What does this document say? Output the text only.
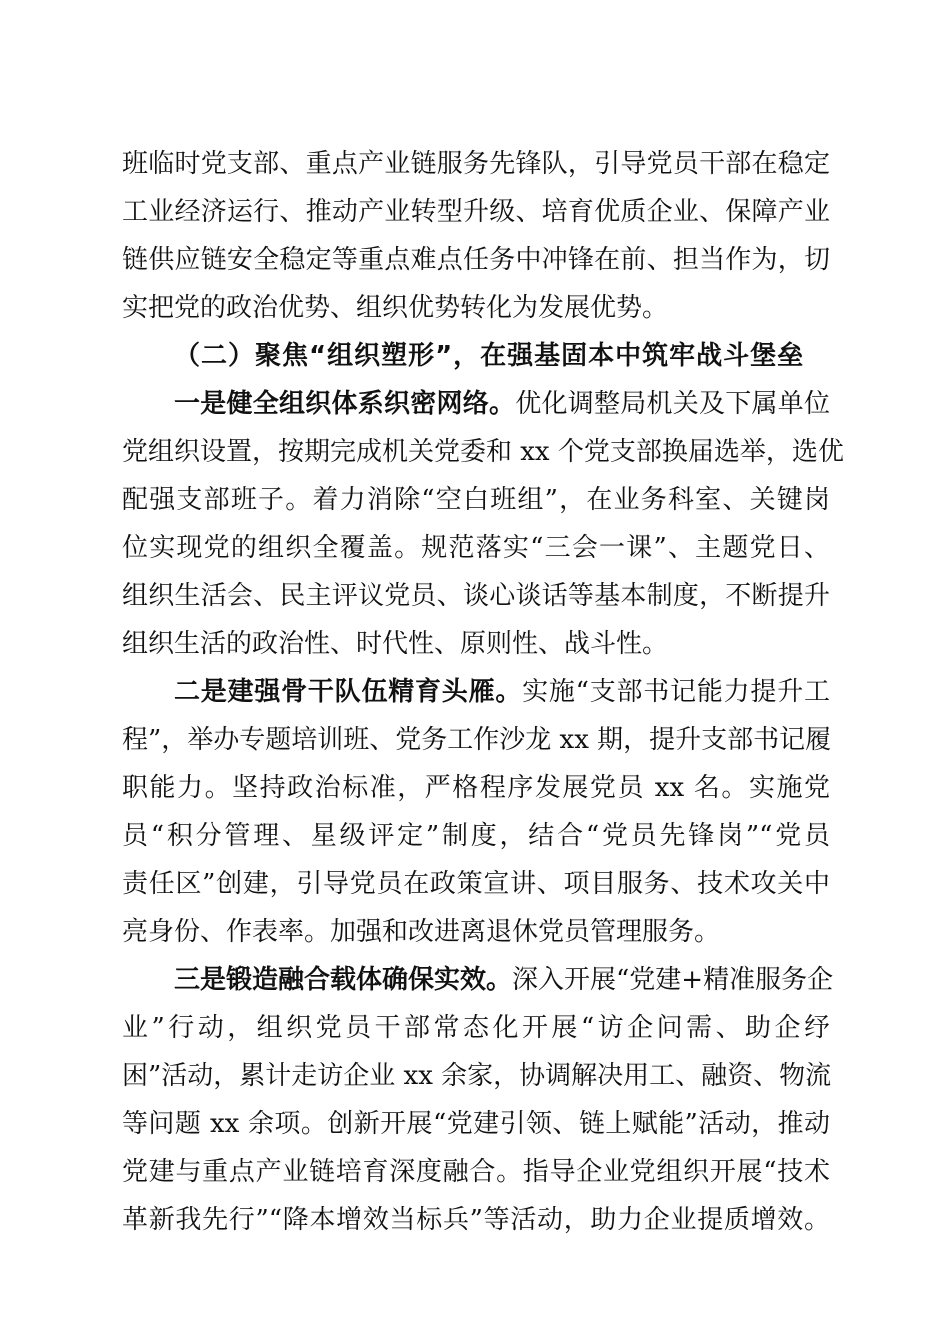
班临时党支部、重点产业链服务先锋队，引导党员干部在稳定
工业经济运行、推动产业转型升级、培育优质企业、保障产业
链供应链安全稳定等重点难点任务中冲锋在前、担当作为，切
实把党的政治优势、组织优势转化为发展优势。
（二）聚焦“组织塑形”，在强基固本中筑牢战斗堡垒
一是健全组织体系织密网络。优化调整局机关及下属单位
党组织设置，按期完成机关党委和 xx 个党支部换届选举，选优
配强支部班子。着力消除“空白班组”，在业务科室、关键岗
位实现党的组织全覆盖。规范落实“三会一课”、主题党日、
组织生活会、民主评议党员、谈心谈话等基本制度，不断提升
组织生活的政治性、时代性、原则性、战斗性。
二是建强骨干队伍精育头雁。实施“支部书记能力提升工
程”，举办专题培训班、党务工作沙龙 xx 期，提升支部书记履
职能力。坚持政治标准，严格程序发展党员 xx 名。实施党
员“积分管理、星级评定”制度，结合“党员先锋岗”“党员
责任区”创建，引导党员在政策宣讲、项目服务、技术攻关中
亮身份、作表率。加强和改进离退休党员管理服务。
三是锻造融合载体确保实效。深入开展“党建+精准服务企
业”行动，组织党员干部常态化开展“访企问需、助企纾
困”活动，累计走访企业 xx 余家，协调解决用工、融资、物流
等问题 xx 余项。创新开展“党建引领、链上赋能”活动，推动
党建与重点产业链培育深度融合。指导企业党组织开展“技术
革新我先行”“降本增效当标兵”等活动，助力企业提质增效。
